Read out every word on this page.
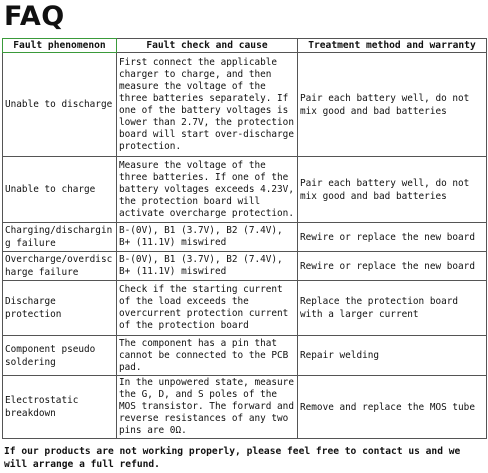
FAQ
Fault phenomenon	Fault check and cause	Treatment method and warranty
Unable to discharge	First connect the applicable charger to charge, and then measure the voltage of the three batteries separately. If one of the battery voltages is lower than 2.7V, the protection board will start over-discharge protection.	Pair each battery well, do not mix good and bad batteries
Unable to charge	Measure the voltage of the three batteries. If one of the battery voltages exceeds 4.23V, the protection board will activate overcharge protection.	Pair each battery well, do not mix good and bad batteries
Charging/discharging failure	B-(0V), B1 (3.7V), B2 (7.4V), B+ (11.1V) miswired	Rewire or replace the new board
Overcharge/overdischarge failure	B-(0V), B1 (3.7V), B2 (7.4V), B+ (11.1V) miswired	Rewire or replace the new board
Discharge protection	Check if the starting current of the load exceeds the overcurrent protection current of the protection board	Replace the protection board with a larger current
Component pseudo soldering	The component has a pin that cannot be connected to the PCB pad.	Repair welding
Electrostatic breakdown	In the unpowered state, measure the G, D, and S poles of the MOS transistor. The forward and reverse resistances of any two pins are 0Ω.	Remove and replace the MOS tube
If our products are not working properly, please feel free to contact us and we will arrange a full refund.
